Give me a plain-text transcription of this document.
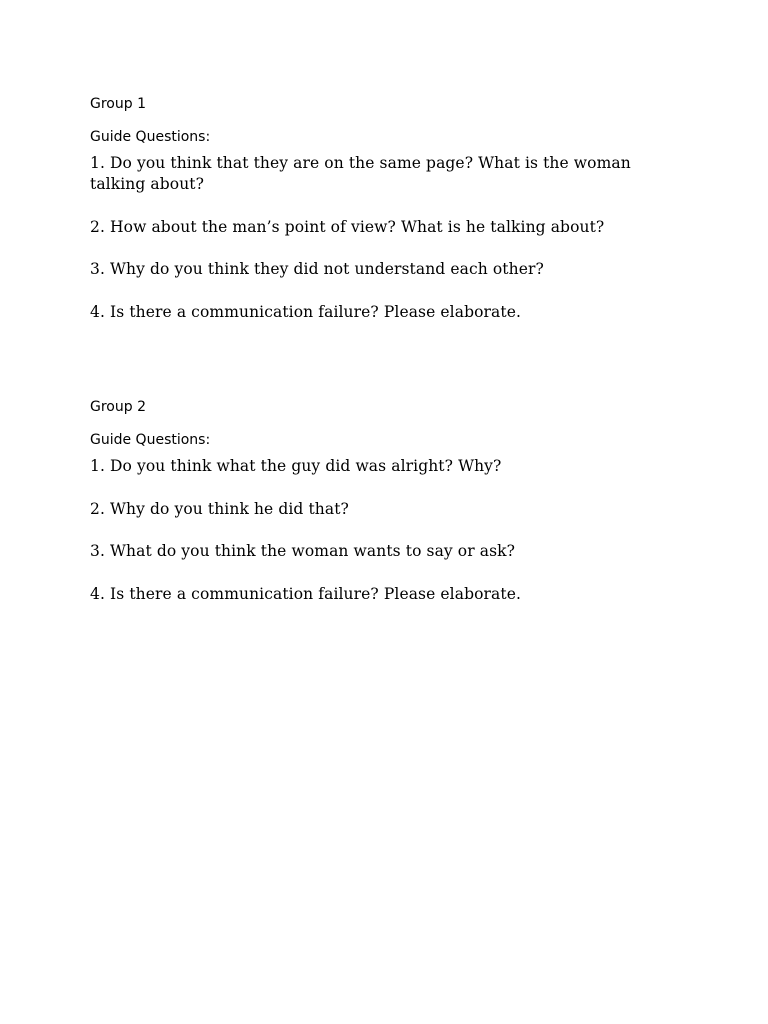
Group 1
Guide Questions:
1. Do you think that they are on the same page? What is the woman talking about?
2. How about the man’s point of view? What is he talking about?
3. Why do you think they did not understand each other?
4. Is there a communication failure? Please elaborate.
Group 2
Guide Questions:
1. Do you think what the guy did was alright? Why?
2. Why do you think he did that?
3. What do you think the woman wants to say or ask?
4. Is there a communication failure? Please elaborate.
